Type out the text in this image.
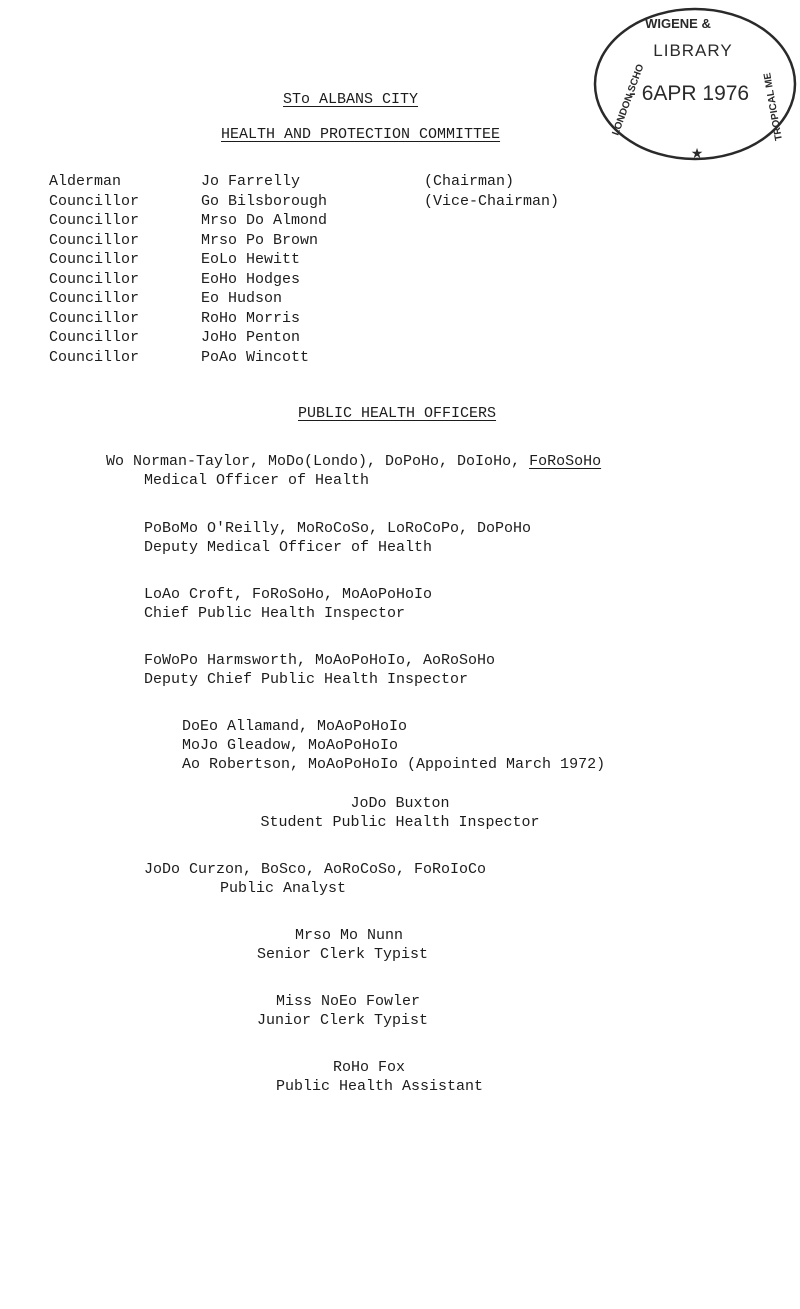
WIGENE &
LIBRARY
- 6APR 1976
LONDON SCHO	TROPICAL ME
★
STo ALBANS CITY
HEALTH AND PROTECTION COMMITTEE
Alderman	Jo Farrelly	(Chairman)
Councillor	Go Bilsborough	(Vice-Chairman)
Councillor	Mrso Do Almond
Councillor	Mrso Po Brown
Councillor	EoLo Hewitt
Councillor	EoHo Hodges
Councillor	Eo Hudson
Councillor	RoHo Morris
Councillor	JoHo Penton
Councillor	PoAo Wincott
PUBLIC HEALTH OFFICERS
Wo Norman-Taylor, MoDo(Londo), DoPoHo, DoIoHo, FoRoSoHo
Medical Officer of Health
PoBoMo O'Reilly, MoRoCoSo, LoRoCoPo, DoPoHo
Deputy Medical Officer of Health
LoAo Croft, FoRoSoHo, MoAoPoHoIo
Chief Public Health Inspector
FoWoPo Harmsworth, MoAoPoHoIo, AoRoSoHo
Deputy Chief Public Health Inspector
DoEo Allamand, MoAoPoHoIo
MoJo Gleadow, MoAoPoHoIo
Ao Robertson, MoAoPoHoIo (Appointed March 1972)
JoDo Buxton
Student Public Health Inspector
JoDo Curzon, BoSco, AoRoCoSo, FoRoIoCo
Public Analyst
Mrso Mo Nunn
Senior Clerk Typist
Miss NoEo Fowler
Junior Clerk Typist
RoHo Fox
Public Health Assistant
